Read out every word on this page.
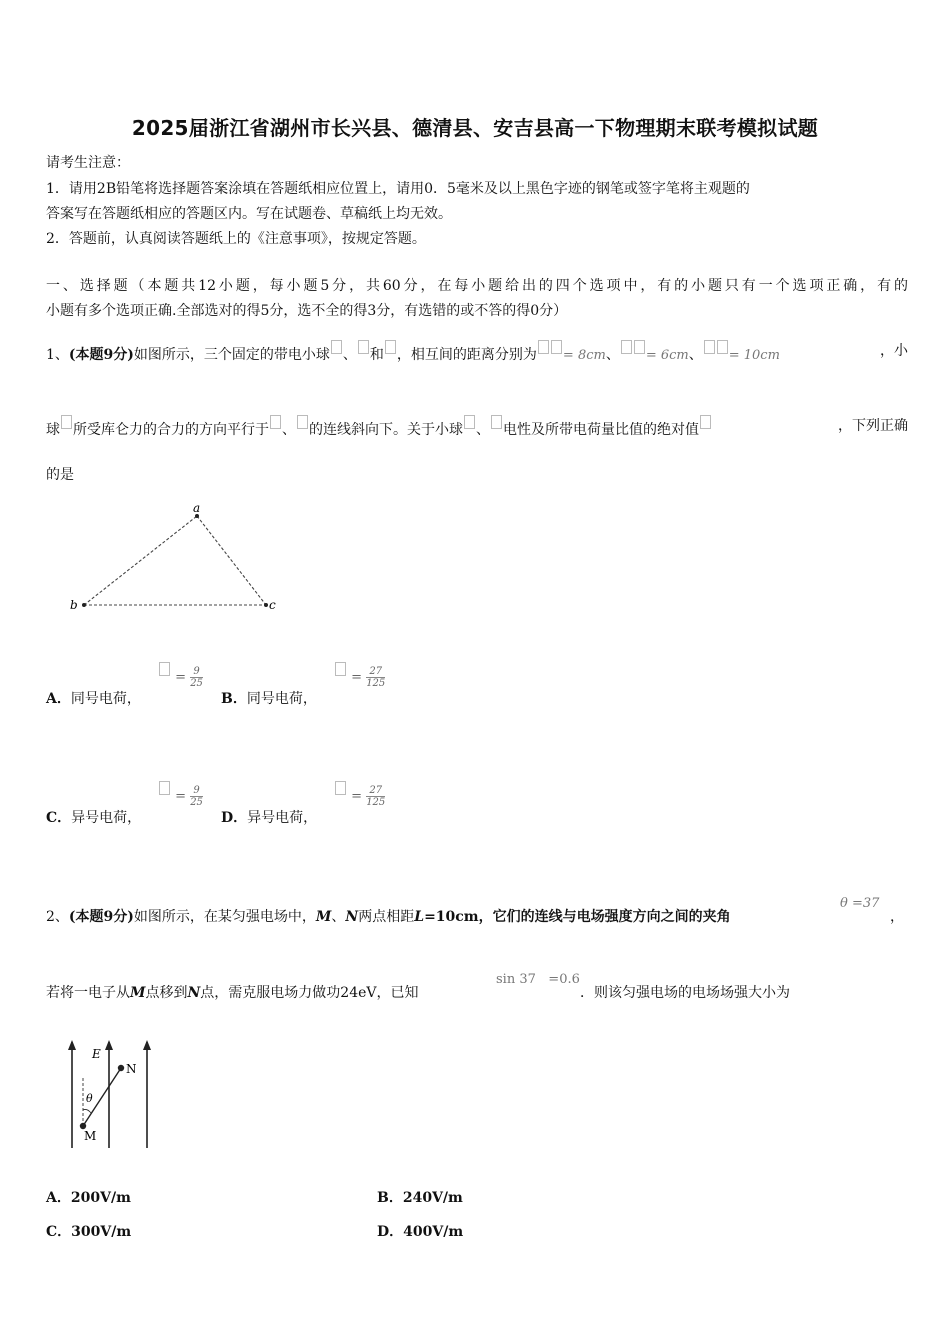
2025届浙江省湖州市长兴县、德清县、安吉县高一下物理期末联考模拟试题
请考生注意：
1．请用2B铅笔将选择题答案涂填在答题纸相应位置上，请用0．5毫米及以上黑色字迹的钢笔或签字笔将主观题的
答案写在答题纸相应的答题区内。写在试题卷、草稿纸上均无效。
2．答题前，认真阅读答题纸上的《注意事项》，按规定答题。
一、选择题（本题共12小题，每小题5分，共60分，在每小题给出的四个选项中，有的小题只有一个选项正确，有的
小题有多个选项正确.全部选对的得5分，选不全的得3分，有选错的或不答的得0分）
1、(本题9分)如图所示，三个固定的带电小球 、 和 ，相互间的距离分别为 = 8cm、 = 6cm、 = 10cm	，小
球 所受库仑力的合力的方向平行于 、 的连线斜向下。关于小球 、 电性及所带电荷量比值的绝对值	，下列正确
的是
a
b	c
A．同号电荷，
= $\frac{9}{25}$
B．同号电荷，
= $\frac{27}{125}$
C．异号电荷，
= $\frac{9}{25}$
D．异号电荷，
= $\frac{27}{125}$
2、(本题9分)如图所示，在某匀强电场中，M、N两点相距L=10cm，它们的连线与电场强度方向之间的夹角
θ =37
，
若将一电子从M点移到N点，需克服电场力做功24eV，已知
sin 37 =0.6
．则该匀强电场的电场场强大小为
E
N
M
θ
A．200V/m	B．240V/m
C．300V/m	D．400V/m
